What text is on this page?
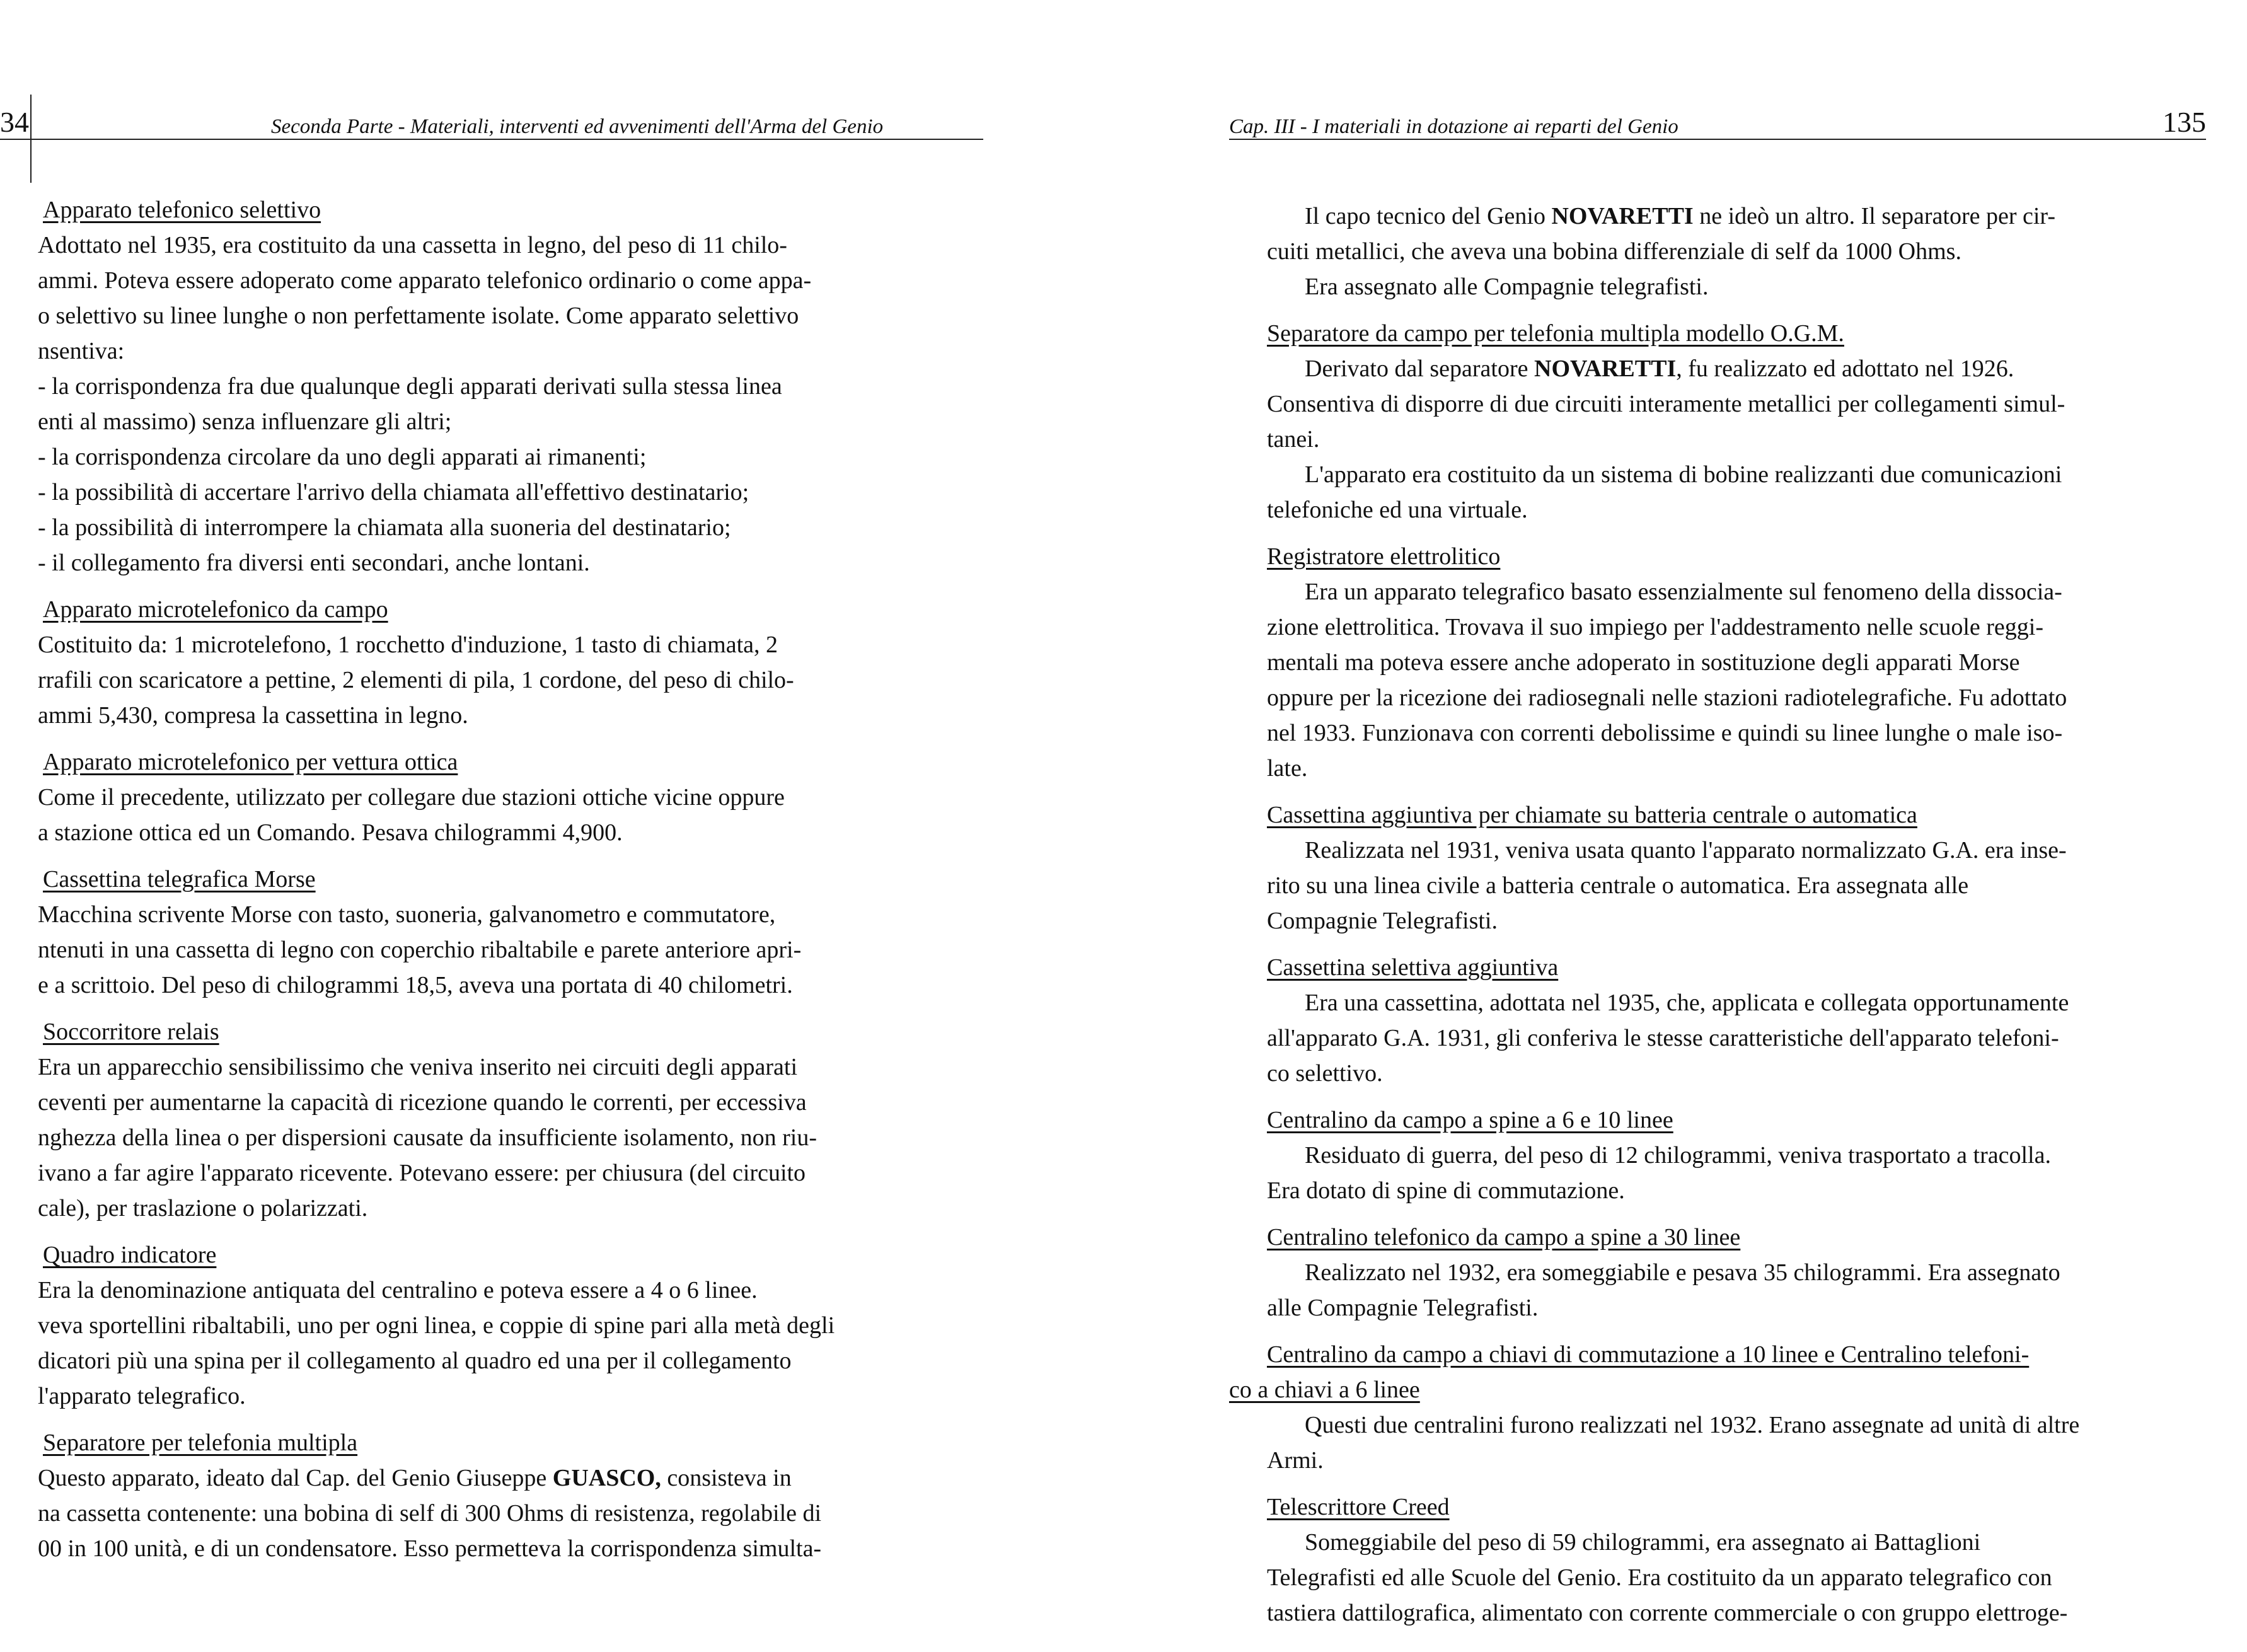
34	Seconda Parte - Materiali, interventi ed avvenimenti dell'Arma del Genio
Apparato telefonico selettivo
Adottato nel 1935, era costituito da una cassetta in legno, del peso di 11 chilo-
ammi. Poteva essere adoperato come apparato telefonico ordinario o come appa-
o selettivo su linee lunghe o non perfettamente isolate. Come apparato selettivo
nsentiva:
- la corrispondenza fra due qualunque degli apparati derivati sulla stessa linea
enti al massimo) senza influenzare gli altri;
- la corrispondenza circolare da uno degli apparati ai rimanenti;
- la possibilità di accertare l'arrivo della chiamata all'effettivo destinatario;
- la possibilità di interrompere la chiamata alla suoneria del destinatario;
- il collegamento fra diversi enti secondari, anche lontani.
Apparato microtelefonico da campo
Costituito da: 1 microtelefono, 1 rocchetto d'induzione, 1 tasto di chiamata, 2
rrafili con scaricatore a pettine, 2 elementi di pila, 1 cordone, del peso di chilo-
ammi 5,430, compresa la cassettina in legno.
Apparato microtelefonico per vettura ottica
Come il precedente, utilizzato per collegare due stazioni ottiche vicine oppure
a stazione ottica ed un Comando. Pesava chilogrammi 4,900.
Cassettina telegrafica Morse
Macchina scrivente Morse con tasto, suoneria, galvanometro e commutatore,
ntenuti in una cassetta di legno con coperchio ribaltabile e parete anteriore apri-
e a scrittoio. Del peso di chilogrammi 18,5, aveva una portata di 40 chilometri.
Soccorritore relais
Era un apparecchio sensibilissimo che veniva inserito nei circuiti degli apparati
ceventi per aumentarne la capacità di ricezione quando le correnti, per eccessiva
nghezza della linea o per dispersioni causate da insufficiente isolamento, non riu-
ivano a far agire l'apparato ricevente. Potevano essere: per chiusura (del circuito
cale), per traslazione o polarizzati.
Quadro indicatore
Era la denominazione antiquata del centralino e poteva essere a 4 o 6 linee.
veva sportellini ribaltabili, uno per ogni linea, e coppie di spine pari alla metà degli
dicatori più una spina per il collegamento al quadro ed una per il collegamento
l'apparato telegrafico.
Separatore per telefonia multipla
Questo apparato, ideato dal Cap. del Genio Giuseppe GUASCO, consisteva in
na cassetta contenente: una bobina di self di 300 Ohms di resistenza, regolabile di
00 in 100 unità, e di un condensatore. Esso permetteva la corrispondenza simulta-
Cap. III - I materiali in dotazione ai reparti del Genio	135
Il capo tecnico del Genio NOVARETTI ne ideò un altro. Il separatore per cir-
cuiti metallici, che aveva una bobina differenziale di self da 1000 Ohms.
Era assegnato alle Compagnie telegrafisti.
Separatore da campo per telefonia multipla modello O.G.M.
Derivato dal separatore NOVARETTI, fu realizzato ed adottato nel 1926.
Consentiva di disporre di due circuiti interamente metallici per collegamenti simul-
tanei.
L'apparato era costituito da un sistema di bobine realizzanti due comunicazioni
telefoniche ed una virtuale.
Registratore elettrolitico
Era un apparato telegrafico basato essenzialmente sul fenomeno della dissocia-
zione elettrolitica. Trovava il suo impiego per l'addestramento nelle scuole reggi-
mentali ma poteva essere anche adoperato in sostituzione degli apparati Morse
oppure per la ricezione dei radiosegnali nelle stazioni radiotelegrafiche. Fu adottato
nel 1933. Funzionava con correnti debolissime e quindi su linee lunghe o male iso-
late.
Cassettina aggiuntiva per chiamate su batteria centrale o automatica
Realizzata nel 1931, veniva usata quanto l'apparato normalizzato G.A. era inse-
rito su una linea civile a batteria centrale o automatica. Era assegnata alle
Compagnie Telegrafisti.
Cassettina selettiva aggiuntiva
Era una cassettina, adottata nel 1935, che, applicata e collegata opportunamente
all'apparato G.A. 1931, gli conferiva le stesse caratteristiche dell'apparato telefoni-
co selettivo.
Centralino da campo a spine a 6 e 10 linee
Residuato di guerra, del peso di 12 chilogrammi, veniva trasportato a tracolla.
Era dotato di spine di commutazione.
Centralino telefonico da campo a spine a 30 linee
Realizzato nel 1932, era someggiabile e pesava 35 chilogrammi. Era assegnato
alle Compagnie Telegrafisti.
Centralino da campo a chiavi di commutazione a 10 linee e Centralino telefoni-
co a chiavi a 6 linee
Questi due centralini furono realizzati nel 1932. Erano assegnate ad unità di altre
Armi.
Telescrittore Creed
Someggiabile del peso di 59 chilogrammi, era assegnato ai Battaglioni
Telegrafisti ed alle Scuole del Genio. Era costituito da un apparato telegrafico con
tastiera dattilografica, alimentato con corrente commerciale o con gruppo elettroge-
